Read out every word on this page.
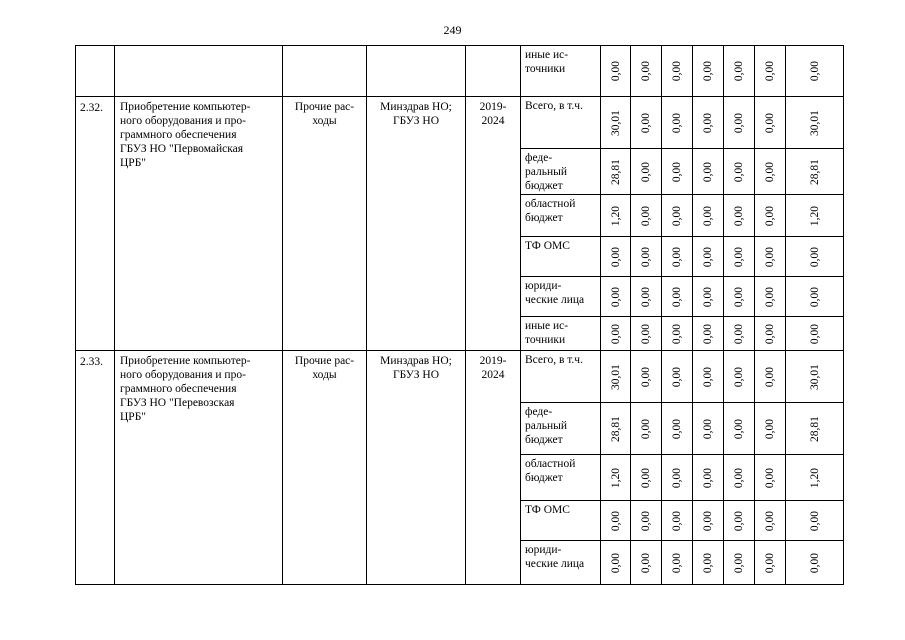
249
					иные ис-
точники	0,00	0,00	0,00	0,00	0,00	0,00	0,00

2.32.	Приобретение компьютер-
ного оборудования и про-
граммного обеспечения
ГБУЗ НО "Первомайская
ЦРБ"	Прочие рас-
ходы	Минздрав НО;
ГБУЗ НО	2019-
2024	Всего, в т.ч.	30,01	0,00	0,00	0,00	0,00	0,00	30,01

					феде-
ральный
бюджет	28,81	0,00	0,00	0,00	0,00	0,00	28,81

					областной
бюджет	1,20	0,00	0,00	0,00	0,00	0,00	1,20

					ТФ ОМС	0,00	0,00	0,00	0,00	0,00	0,00	0,00

					юриди-
ческие лица	0,00	0,00	0,00	0,00	0,00	0,00	0,00

					иные ис-
точники	0,00	0,00	0,00	0,00	0,00	0,00	0,00

2.33.	Приобретение компьютер-
ного оборудования и про-
граммного обеспечения
ГБУЗ НО "Перевозская
ЦРБ"	Прочие рас-
ходы	Минздрав НО;
ГБУЗ НО	2019-
2024	Всего, в т.ч.	30,01	0,00	0,00	0,00	0,00	0,00	30,01

					феде-
ральный
бюджет	28,81	0,00	0,00	0,00	0,00	0,00	28,81

					областной
бюджет	1,20	0,00	0,00	0,00	0,00	0,00	1,20

					ТФ ОМС	0,00	0,00	0,00	0,00	0,00	0,00	0,00

					юриди-
ческие лица	0,00	0,00	0,00	0,00	0,00	0,00	0,00
